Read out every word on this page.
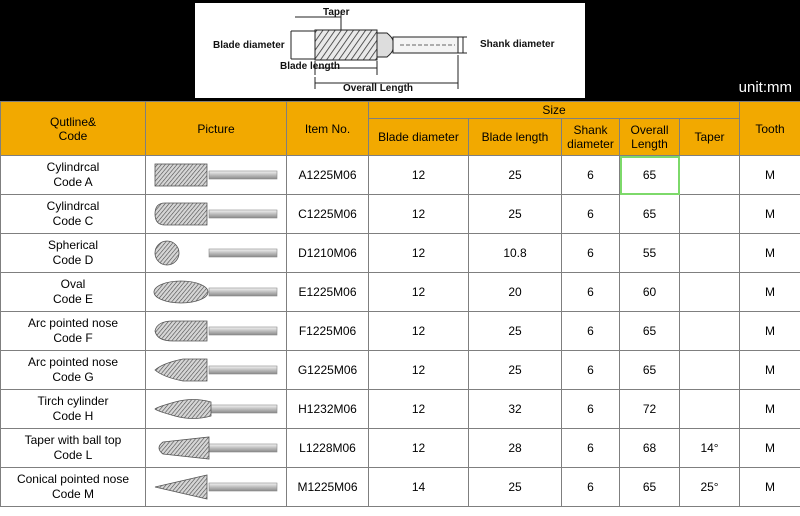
Taper
Blade diameter
Blade length
Overall Length
Shank diameter
unit:mm
Qutline&
Code	Picture	Item No.	Size					Tooth
			Blade diameter	Blade length	Shank diameter	Overall Length	Taper	
Cylindrcal
Code A		A1225M06	12	25	6	65		M
Cylindrcal
Code C		C1225M06	12	25	6	65		M
Spherical
Code D		D1210M06	12	10.8	6	55		M
Oval
Code E		E1225M06	12	20	6	60		M
Arc pointed nose
Code F		F1225M06	12	25	6	65		M
Arc pointed nose
Code G		G1225M06	12	25	6	65		M
Tirch cylinder
Code H		H1232M06	12	32	6	72		M
Taper with ball top
Code L		L1228M06	12	28	6	68	14°	M
Conical pointed nose
Code M		M1225M06	14	25	6	65	25°	M
